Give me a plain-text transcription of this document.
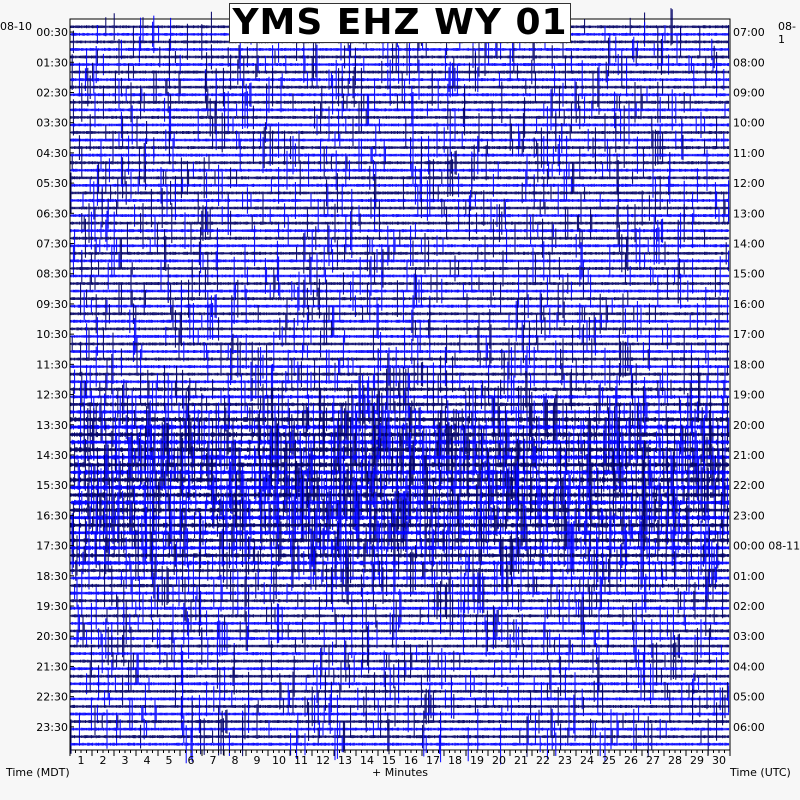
00:30
01:30
02:30
03:30
04:30
05:30
06:30
07:30
08:30
09:30
10:30
11:30
12:30
13:30
14:30
15:30
16:30
17:30
18:30
19:30
20:30
21:30
22:30
23:30
07:00
08:00
09:00
10:00
11:00
12:00
13:00
14:00
15:00
16:00
17:00
18:00
19:00
20:00
21:00
22:00
23:00
00:00 08-11
01:00
02:00
03:00
04:00
05:00
06:00
1 2 3 4 5 6 7 8 9 10 11 12 13 14 15 16 17 18 19 20 21 22 23 24 25 26 27 28 29 30
YMS EHZ WY 01
08-10	08-1
Time (MDT)	+ Minutes	Time (UTC)
